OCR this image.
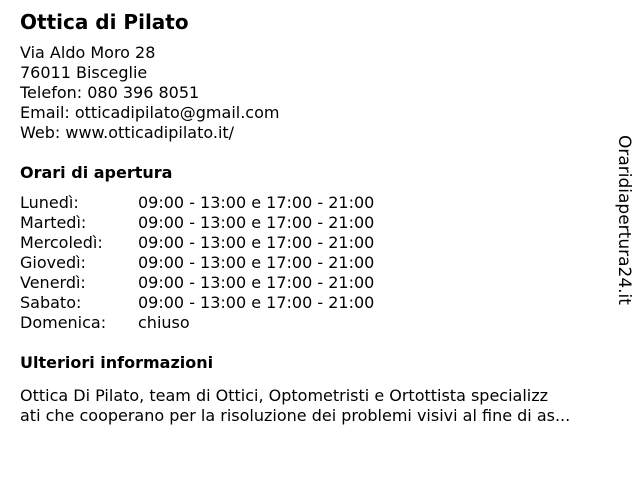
Ottica di Pilato
Via Aldo Moro 28
76011 Bisceglie
Telefon: 080 396 8051
Email: otticadipilato@gmail.com
Web: www.otticadipilato.it/
Orari di apertura
Lunedì:	09:00 - 13:00 e 17:00 - 21:00
Martedì:	09:00 - 13:00 e 17:00 - 21:00
Mercoledì: 09:00 - 13:00 e 17:00 - 21:00
Giovedì:	09:00 - 13:00 e 17:00 - 21:00
Venerdì:	09:00 - 13:00 e 17:00 - 21:00
Sabato:	09:00 - 13:00 e 17:00 - 21:00
Domenica: chiuso
Ulteriori informazioni
Ottica Di Pilato, team di Ottici, Optometristi e Ortottista specializz
ati che cooperano per la risoluzione dei problemi visivi al fine di as...
Oraridiapertura24.it
